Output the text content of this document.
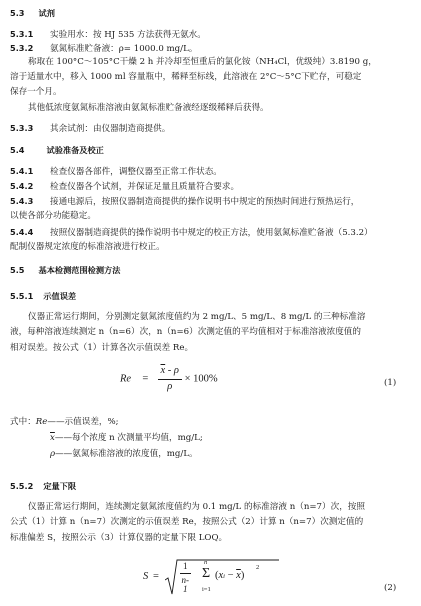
5.3 试剂
5.3.1 实验用水：按 HJ 535 方法获得无氨水。
5.3.2 氨氮标准贮备液：ρ= 1000.0 mg/L。
称取在 100°C～105°C干燥 2 h 并冷却至恒重后的氯化铵（NH₄Cl，优级纯）3.8190 g，
溶于适量水中，移入 1000 ml 容量瓶中，稀释至标线，此溶液在 2°C～5°C下贮存，可稳定
保存一个月。
其他低浓度氨氮标准溶液由氨氮标准贮备液经逐级稀释后获得。
5.3.3 其余试剂：由仪器制造商提供。
5.4	试验准备及校正
5.4.1 检查仪器各部件，调整仪器至正常工作状态。
5.4.2 检查仪器各个试剂，并保证足量且质量符合要求。
5.4.3 接通电源后，按照仪器制造商提供的操作说明书中规定的预热时间进行预热运行，
以使各部分功能稳定。
5.4.4 按照仪器制造商提供的操作说明书中规定的校正方法，使用氨氮标准贮备液（5.3.2）
配制仪器规定浓度的标准溶液进行校正。
5.5 基本检测范围检测方法
5.5.1 示值误差
仪器正常运行期间，分别测定氨氮浓度值约为 2 mg/L、5 mg/L、8 mg/L 的三种标准溶
液，每种溶液连续测定 n（n=6）次，n（n=6）次测定值的平均值相对于标准溶液浓度值的
相对误差。按公式（1）计算各次示值误差 Re。
$Re = \frac{\overline{x} - \rho}{\rho} \times 100\%$	(1)
式中：Re——示值误差，%;
$\overline{x}——$每个浓度 n 次测量平均值，mg/L;
ρ——氨氮标准溶液的浓度值，mg/L。
5.5.2 定量下限
仪器正常运行期间，连续测定氨氮浓度值约为 0.1 mg/L 的标准溶液 n（n=7）次，按照
公式（1）计算 n（n=7）次测定的示值误差 Re，按照公式（2）计算 n（n=7）次测定值的
标准偏差 S，按照公示（3）计算仪器的定量下限 LOQ。
$S = \frac{1}{n-1}$ n
Σ
i=1
$(xi - \overline{x})$
2
(2)
